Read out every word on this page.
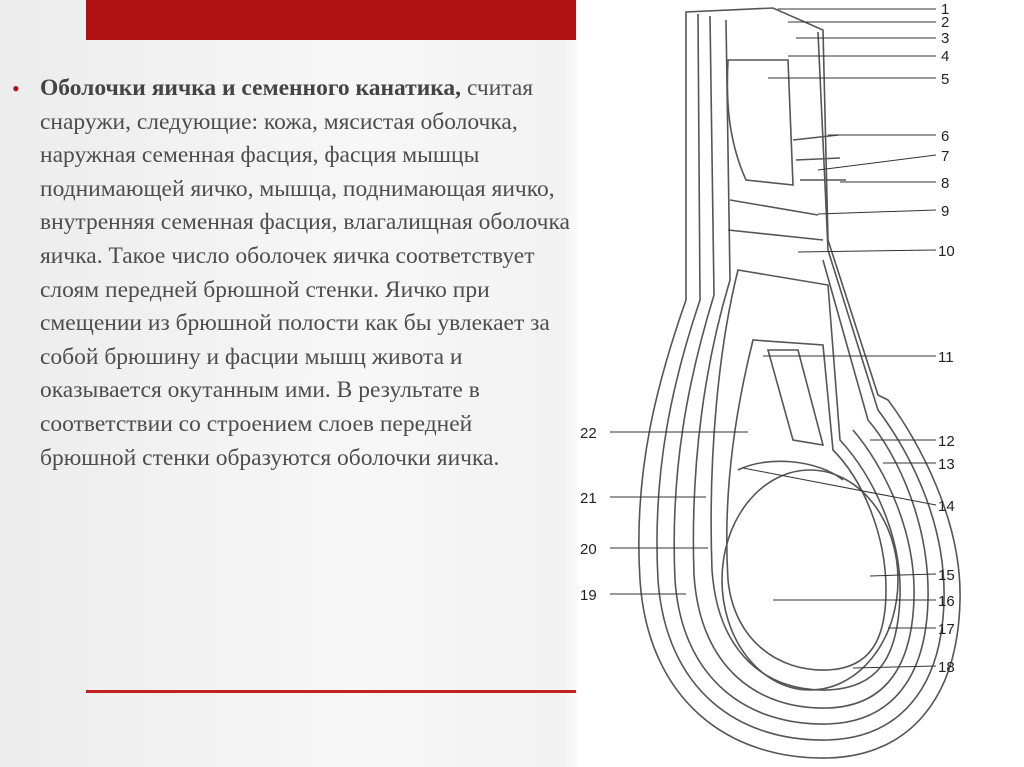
• Оболочки яичка и семенного канатика, считая снаружи, следующие: кожа, мясистая оболочка, наружная семенная фасция, фасция мышцы поднимающей яичко, мышца, поднимающая яичко, внутренняя семенная фасция, влагалищная оболочка яичка. Такое число оболочек яичка соответствует слоям передней брюшной стенки. Яичко при смещении из брюшной полости как бы увлекает за собой брюшину и фасции мышц живота и оказывается окутанным ими. В результате в соответствии со строением слоев передней брюшной стенки образуются оболочки яичка.
1
2
3
4
5
6
7
8
9
10
11
12
13
14
15
16
17
18
22
21
20
19
